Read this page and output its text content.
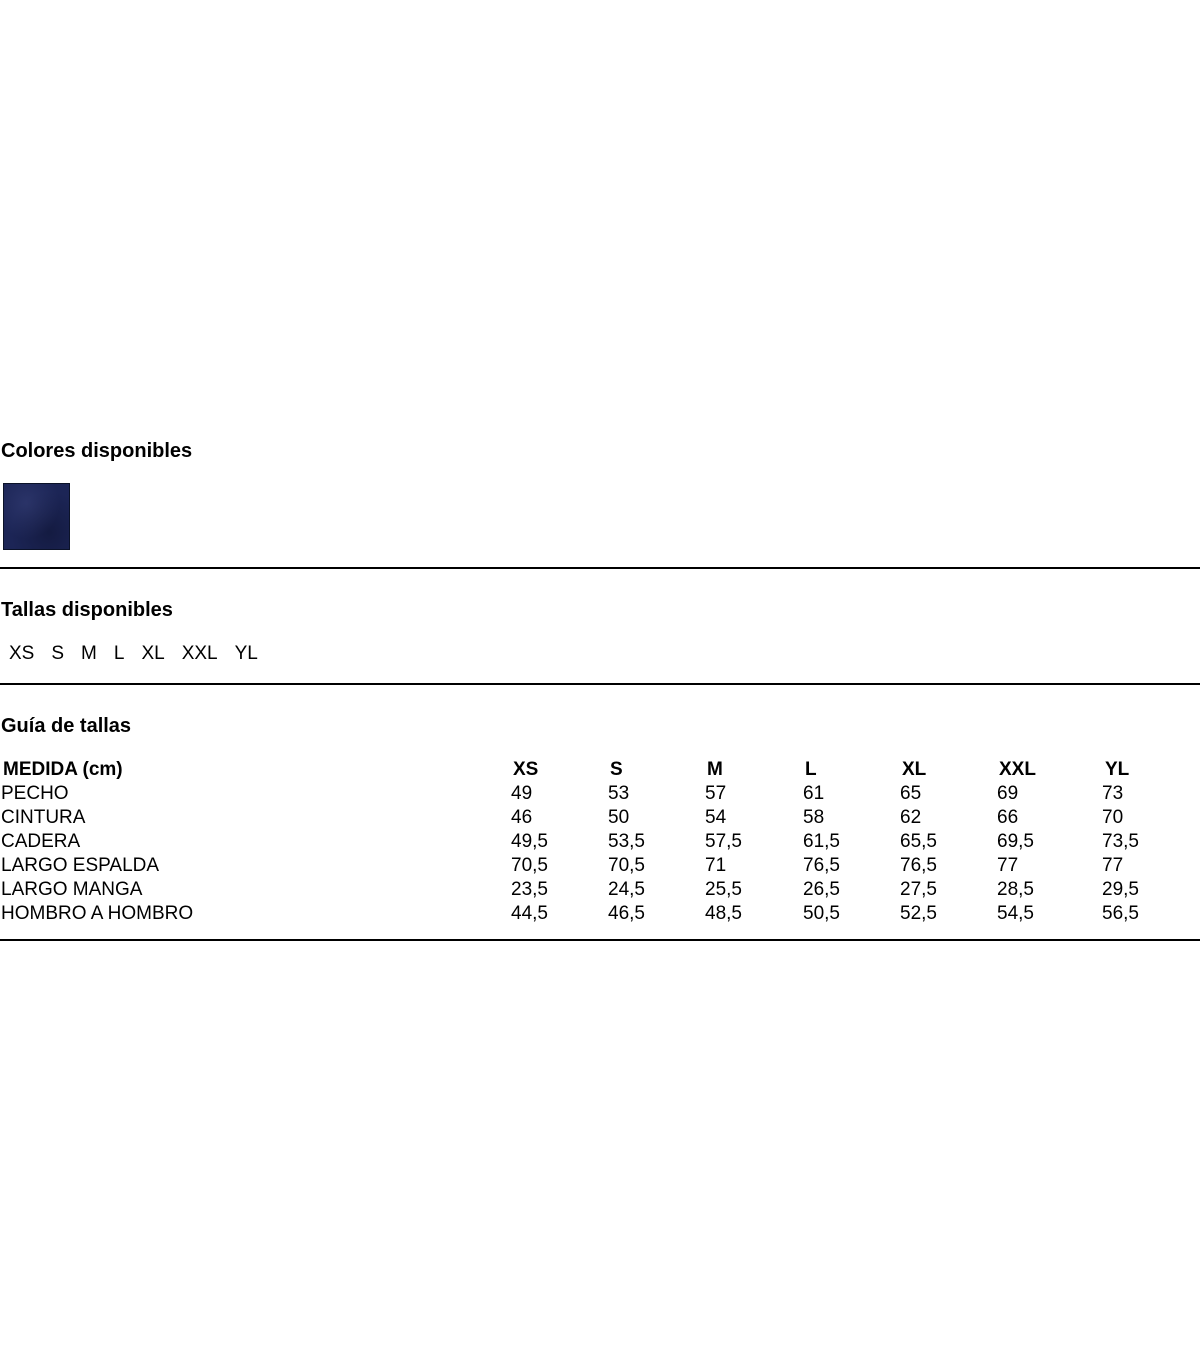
Colores disponibles
Tallas disponibles
XS S M L XL XXL YL
Guía de tallas
MEDIDA (cm)	XS	S	M	L	XL	XXL	YL
PECHO	49	53	57	61	65	69	73
CINTURA	46	50	54	58	62	66	70
CADERA	49,5	53,5	57,5	61,5	65,5	69,5	73,5
LARGO ESPALDA	70,5	70,5	71	76,5	76,5	77	77
LARGO MANGA	23,5	24,5	25,5	26,5	27,5	28,5	29,5
HOMBRO A HOMBRO	44,5	46,5	48,5	50,5	52,5	54,5	56,5
